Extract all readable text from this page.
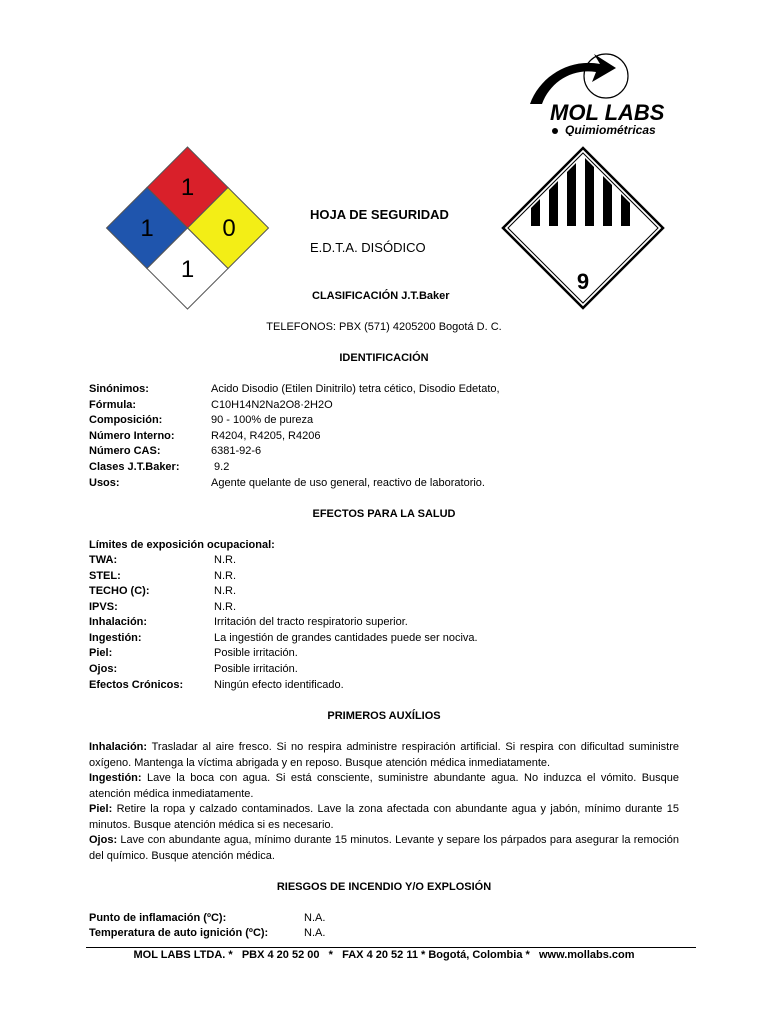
MOL LABS
Quimiométricas
1
1	0
1	9
HOJA DE SEGURIDAD
E.D.T.A. DISÓDICO
CLASIFICACIÓN J.T.Baker
TELEFONOS: PBX (571) 4205200 Bogotá D. C.
IDENTIFICACIÓN
Sinónimos:	Acido Disodio (Etilen Dinitrilo) tetra cético, Disodio Edetato,
Fórmula:	C10H14N2Na2O8·2H2O
Composición:	90 - 100% de pureza
Número Interno:	R4204, R4205, R4206
Número CAS:	6381-92-6
Clases J.T.Baker:	9.2
Usos:	Agente quelante de uso general, reactivo de laboratorio.
EFECTOS PARA LA SALUD
Límites de exposición ocupacional:
TWA:	N.R.
STEL:	N.R.
TECHO (C):	N.R.
IPVS:	N.R.
Inhalación:	Irritación del tracto respiratorio superior.
Ingestión:	La ingestión de grandes cantidades puede ser nociva.
Piel:	Posible irritación.
Ojos:	Posible irritación.
Efectos Crónicos:	Ningún efecto identificado.
PRIMEROS AUXÍLIOS
Inhalación: Trasladar al aire fresco. Si no respira administre respiración artificial. Si respira con dificultad suministre oxígeno. Mantenga la víctima abrigada y en reposo. Busque atención médica inmediatamente.
Ingestión: Lave la boca con agua. Si está consciente, suministre abundante agua. No induzca el vómito. Busque atención médica inmediatamente.
Piel: Retire la ropa y calzado contaminados. Lave la zona afectada con abundante agua y jabón, mínimo durante 15 minutos. Busque atención médica si es necesario.
Ojos: Lave con abundante agua, mínimo durante 15 minutos. Levante y separe los párpados para asegurar la remoción del químico. Busque atención médica.
RIESGOS DE INCENDIO Y/O EXPLOSIÓN
Punto de inflamación (ºC):	N.A.
Temperatura de auto ignición (ºC):	N.A.
MOL LABS LTDA. *   PBX 4 20 52 00   *   FAX 4 20 52 11 * Bogotá, Colombia *   www.mollabs.com
